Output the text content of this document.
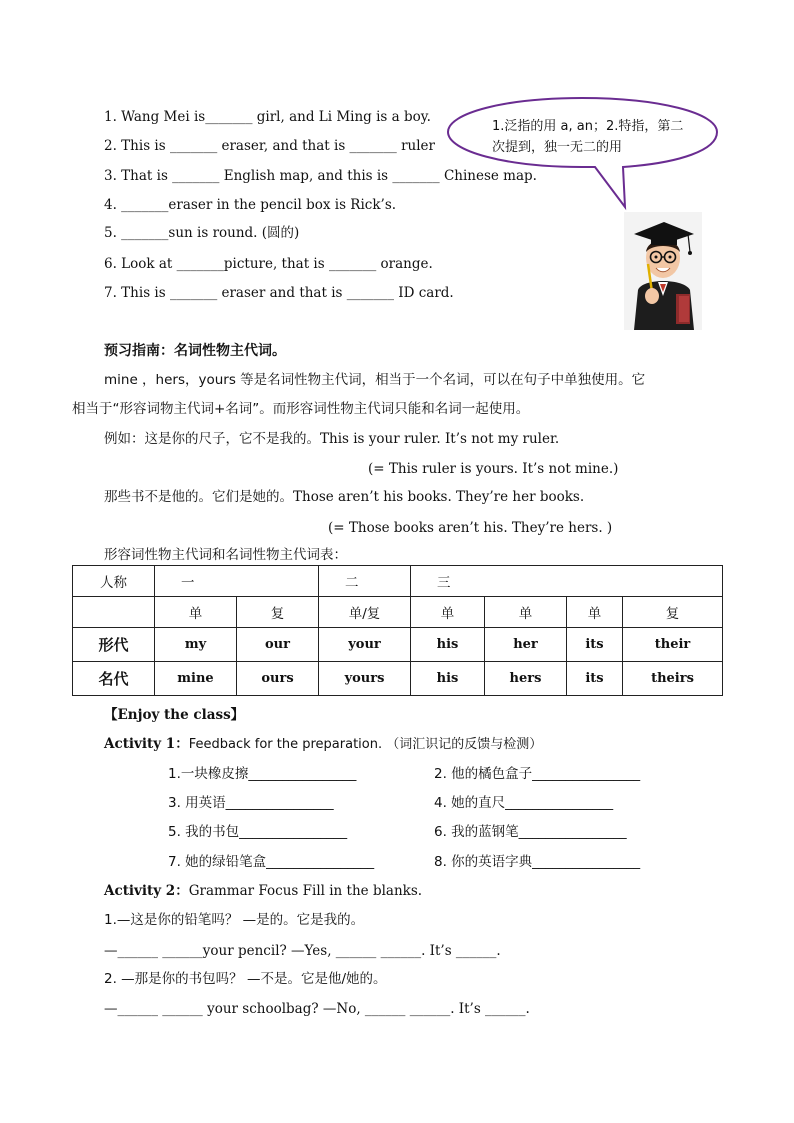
1. Wang Mei is_______ girl, and Li Ming is a boy.
2. This is _______ eraser, and that is _______ ruler
3. That is _______ English map, and this is _______ Chinese map.
4. _______eraser in the pencil box is Rick’s.
5. _______sun is round. (圆的)
6. Look at _______picture, that is _______ orange.
7. This is _______ eraser and that is _______ ID card.
1.泛指的用 a, an；2.特指，第二次提到，独一无二的用
预习指南：名词性物主代词。
mine ，hers，yours 等是名词性物主代词，相当于一个名词，可以在句子中单独使用。它
相当于“形容词物主代词+名词”。而形容词性物主代词只能和名词一起使用。
例如：这是你的尺子，它不是我的。This is your ruler. It’s not my ruler.
(= This ruler is yours. It’s not mine.)
那些书不是他的。它们是她的。Those aren’t his books. They’re her books.
(= Those books aren’t his. They’re hers. )
形容词性物主代词和名词性物主代词表：
人称	一		二	三			
	单	复	单/复	单	单	单	复
形代	my	our	your	his	her	its	their
名代	mine	ours	yours	his	hers	its	theirs
【Enjoy the class】
Activity 1：Feedback for the preparation. （词汇识记的反馈与检测）
1.一块橡皮擦________________	2. 他的橘色盒子________________
3. 用英语________________	4. 她的直尺________________
5. 我的书包________________	6. 我的蓝钢笔________________
7. 她的绿铅笔盒________________	8. 你的英语字典________________
Activity 2：Grammar Focus Fill in the blanks.
1.—这是你的铅笔吗？ —是的。它是我的。
—______ ______your pencil? —Yes, ______ ______. It’s ______.
2. —那是你的书包吗？ —不是。它是他/她的。
—______ ______ your schoolbag? —No, ______ ______. It’s ______.
